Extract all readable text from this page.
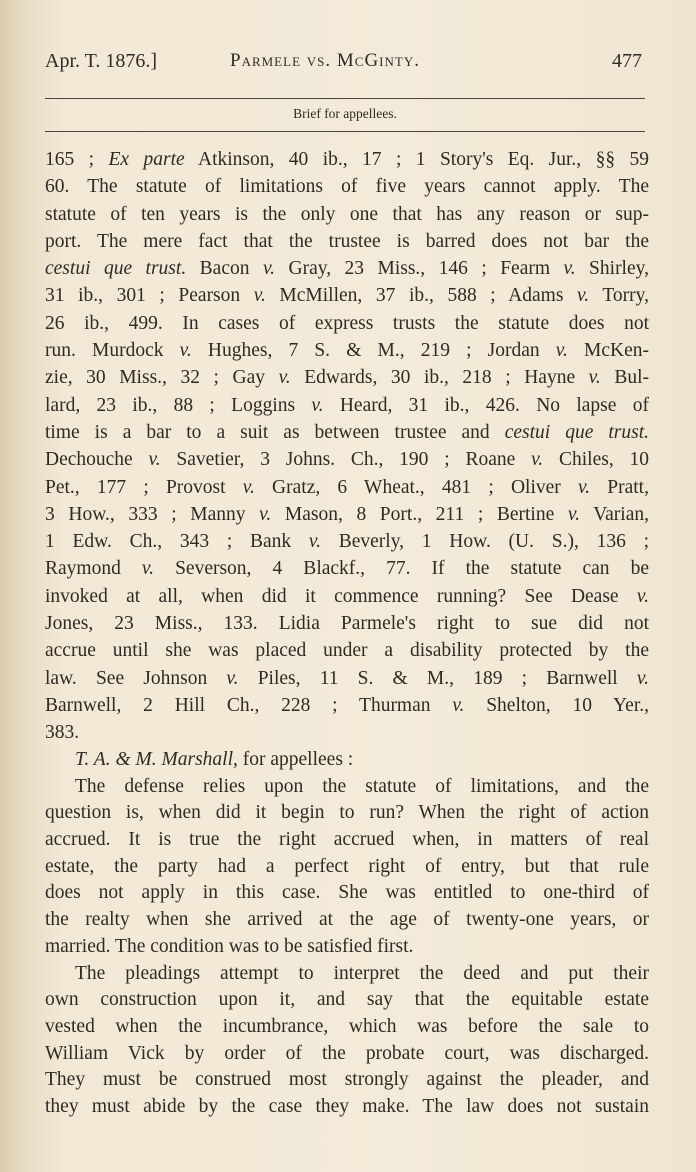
Apr. T. 1876.]	Parmele vs. McGinty.	477
Brief for appellees.
165 ; Ex parte Atkinson, 40 ib., 17 ; 1 Story's Eq. Jur., §§ 59
60. The statute of limitations of five years cannot apply. The
statute of ten years is the only one that has any reason or sup-
port. The mere fact that the trustee is barred does not bar the
cestui que trust. Bacon v. Gray, 23 Miss., 146 ; Fearm v. Shirley,
31 ib., 301 ; Pearson v. McMillen, 37 ib., 588 ; Adams v. Torry,
26 ib., 499. In cases of express trusts the statute does not
run. Murdock v. Hughes, 7 S. & M., 219 ; Jordan v. McKen-
zie, 30 Miss., 32 ; Gay v. Edwards, 30 ib., 218 ; Hayne v. Bul-
lard, 23 ib., 88 ; Loggins v. Heard, 31 ib., 426. No lapse of
time is a bar to a suit as between trustee and cestui que trust.
Dechouche v. Savetier, 3 Johns. Ch., 190 ; Roane v. Chiles, 10
Pet., 177 ; Provost v. Gratz, 6 Wheat., 481 ; Oliver v. Pratt,
3 How., 333 ; Manny v. Mason, 8 Port., 211 ; Bertine v. Varian,
1 Edw. Ch., 343 ; Bank v. Beverly, 1 How. (U. S.), 136 ;
Raymond v. Severson, 4 Blackf., 77. If the statute can be
invoked at all, when did it commence running? See Dease v.
Jones, 23 Miss., 133. Lidia Parmele's right to sue did not
accrue until she was placed under a disability protected by the
law. See Johnson v. Piles, 11 S. & M., 189 ; Barnwell v.
Barnwell, 2 Hill Ch., 228 ; Thurman v. Shelton, 10 Yer.,
383.
T. A. & M. Marshall, for appellees :
The defense relies upon the statute of limitations, and the
question is, when did it begin to run? When the right of action
accrued. It is true the right accrued when, in matters of real
estate, the party had a perfect right of entry, but that rule
does not apply in this case. She was entitled to one-third of
the realty when she arrived at the age of twenty-one years, or
married. The condition was to be satisfied first.
The pleadings attempt to interpret the deed and put their
own construction upon it, and say that the equitable estate
vested when the incumbrance, which was before the sale to
William Vick by order of the probate court, was discharged.
They must be construed most strongly against the pleader, and
they must abide by the case they make. The law does not sustain
